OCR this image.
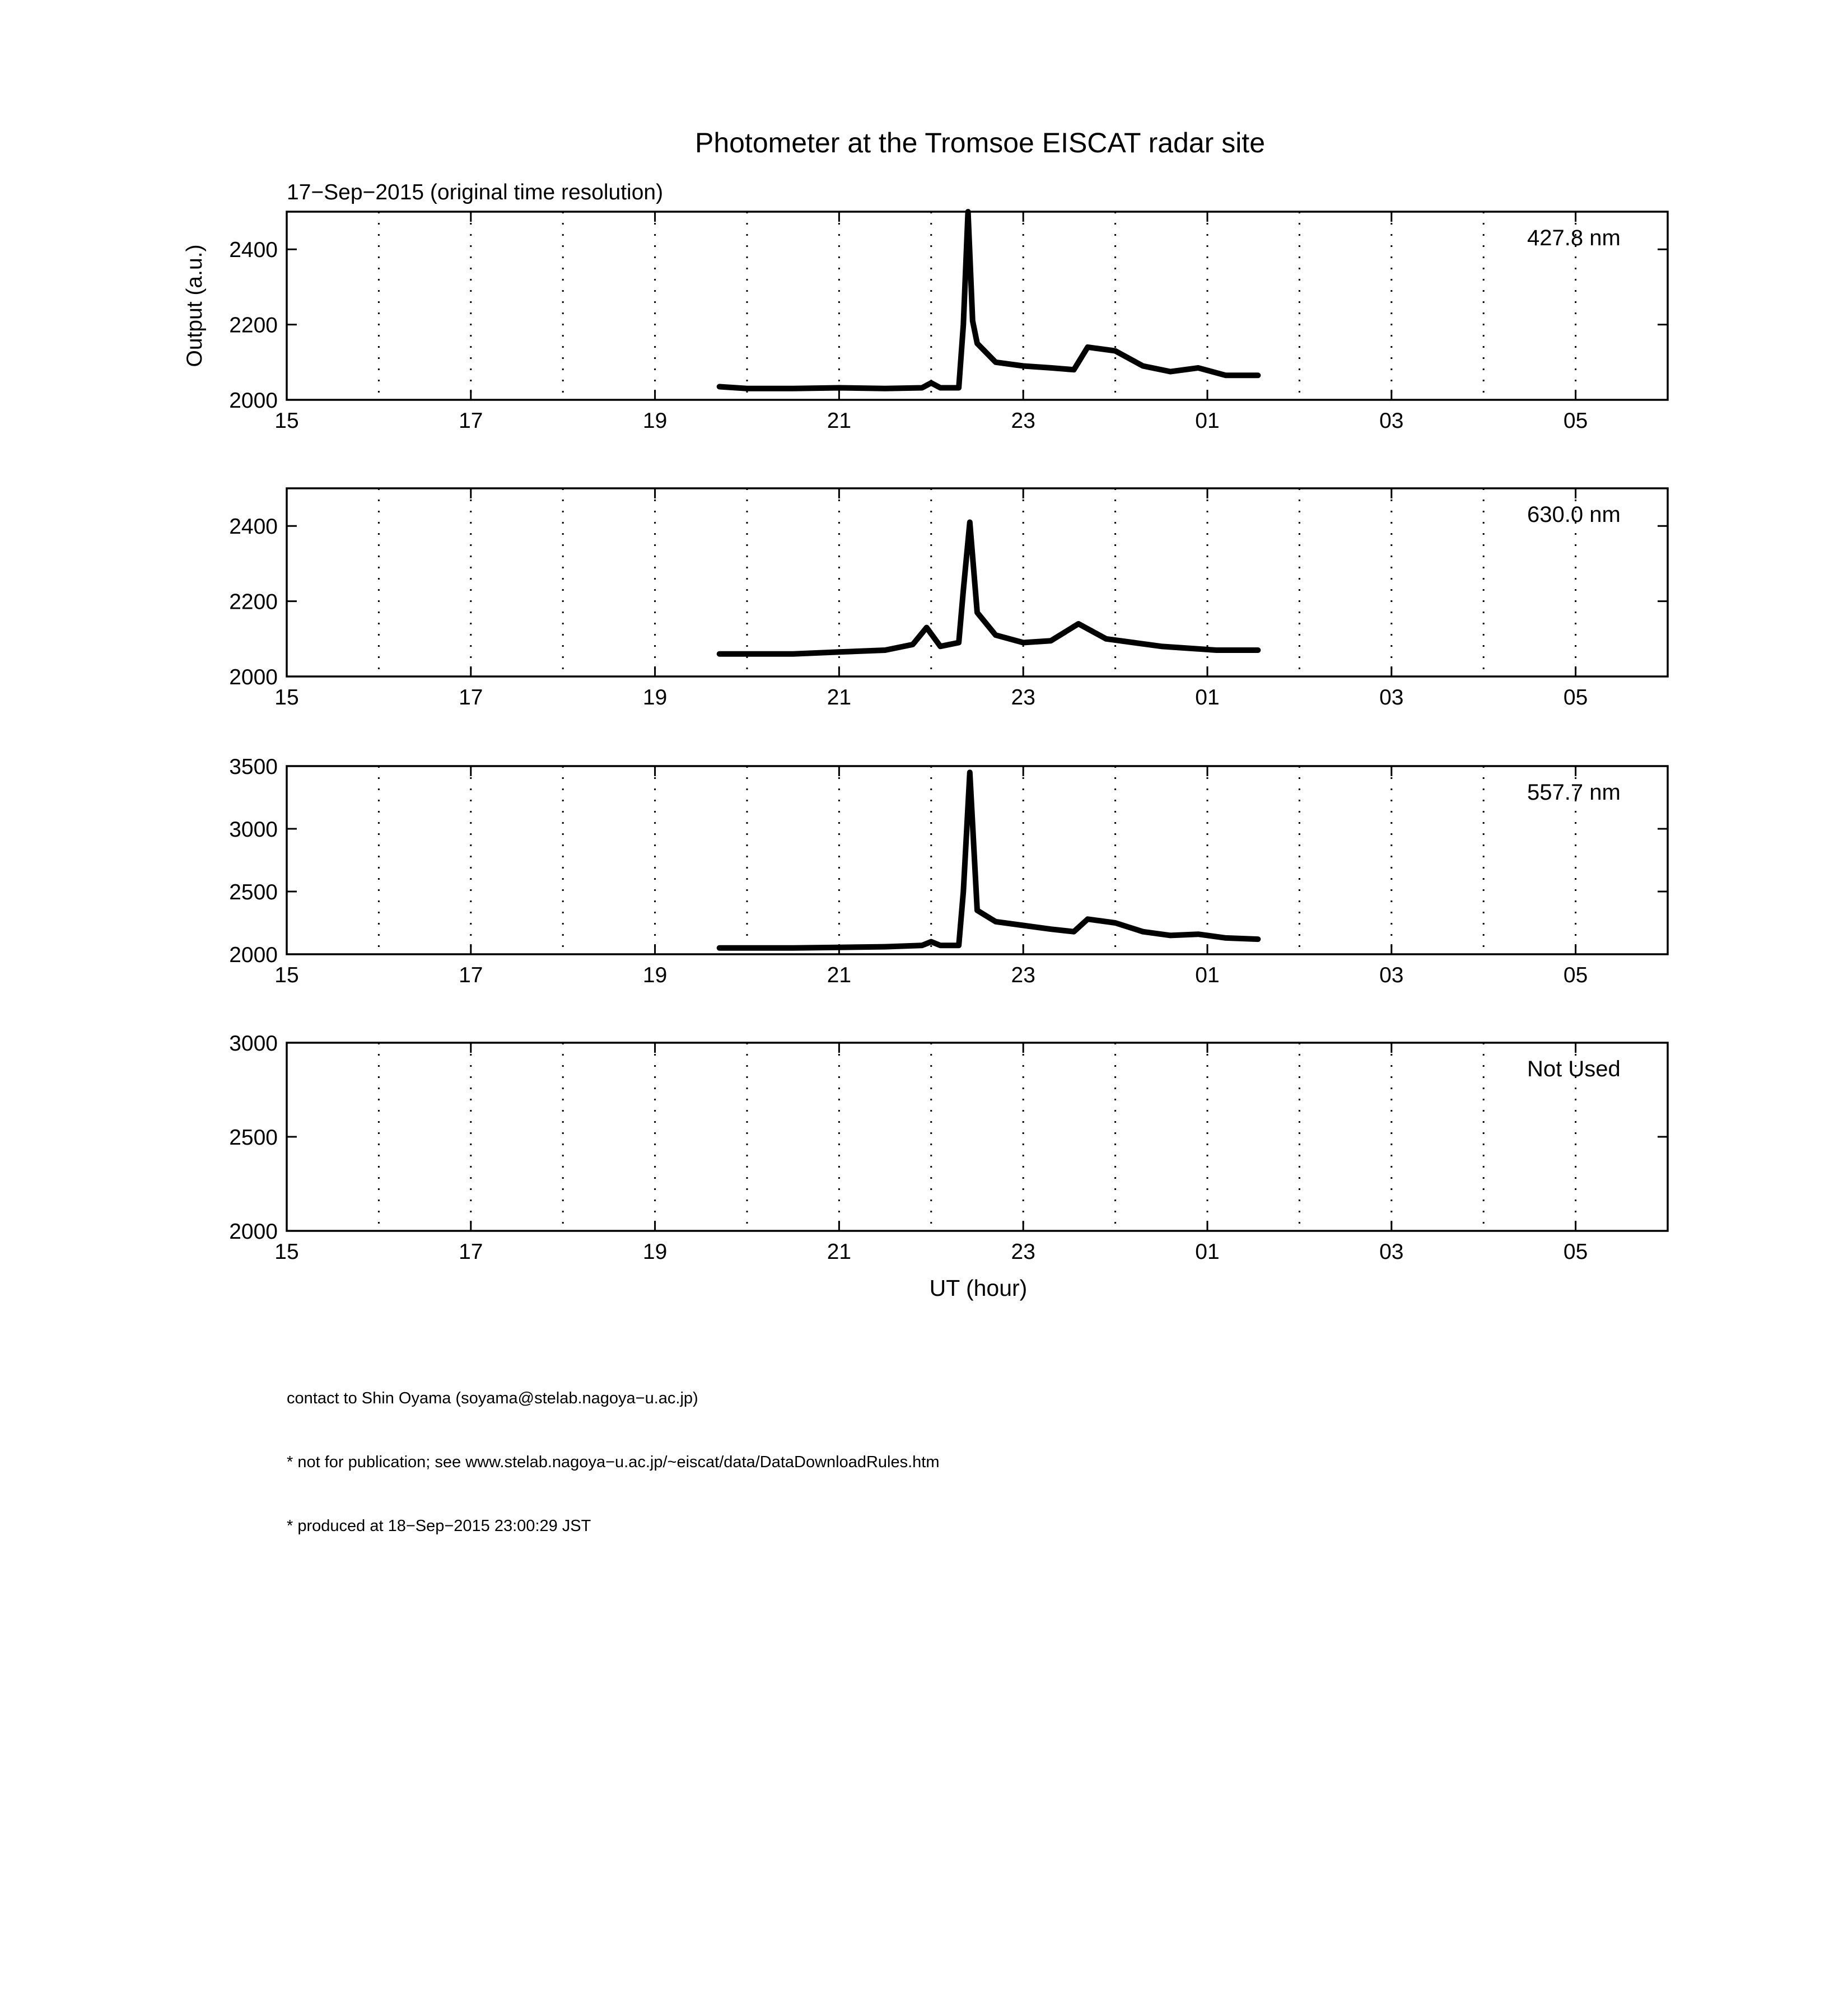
Photometer at the Tromsoe EISCAT radar site
17−Sep−2015 (original time resolution)
Output (a.u.)
UT (hour)
15	17	19	21	23	01	03	05
2000
2200
2400	427.8 nm
15	17	19	21	23	01	03	05
2000
2200
2400	630.0 nm
15	17	19	21	23	01	03	05
2000
2500
3000
3500
557.7 nm
15	17	19	21	23	01	03	05
2000
2500
3000
Not Used

contact to Shin Oyama (soyama@stelab.nagoya−u.ac.jp)

* not for publication; see www.stelab.nagoya−u.ac.jp/~eiscat/data/DataDownloadRules.htm

* produced at 18−Sep−2015 23:00:29 JST
